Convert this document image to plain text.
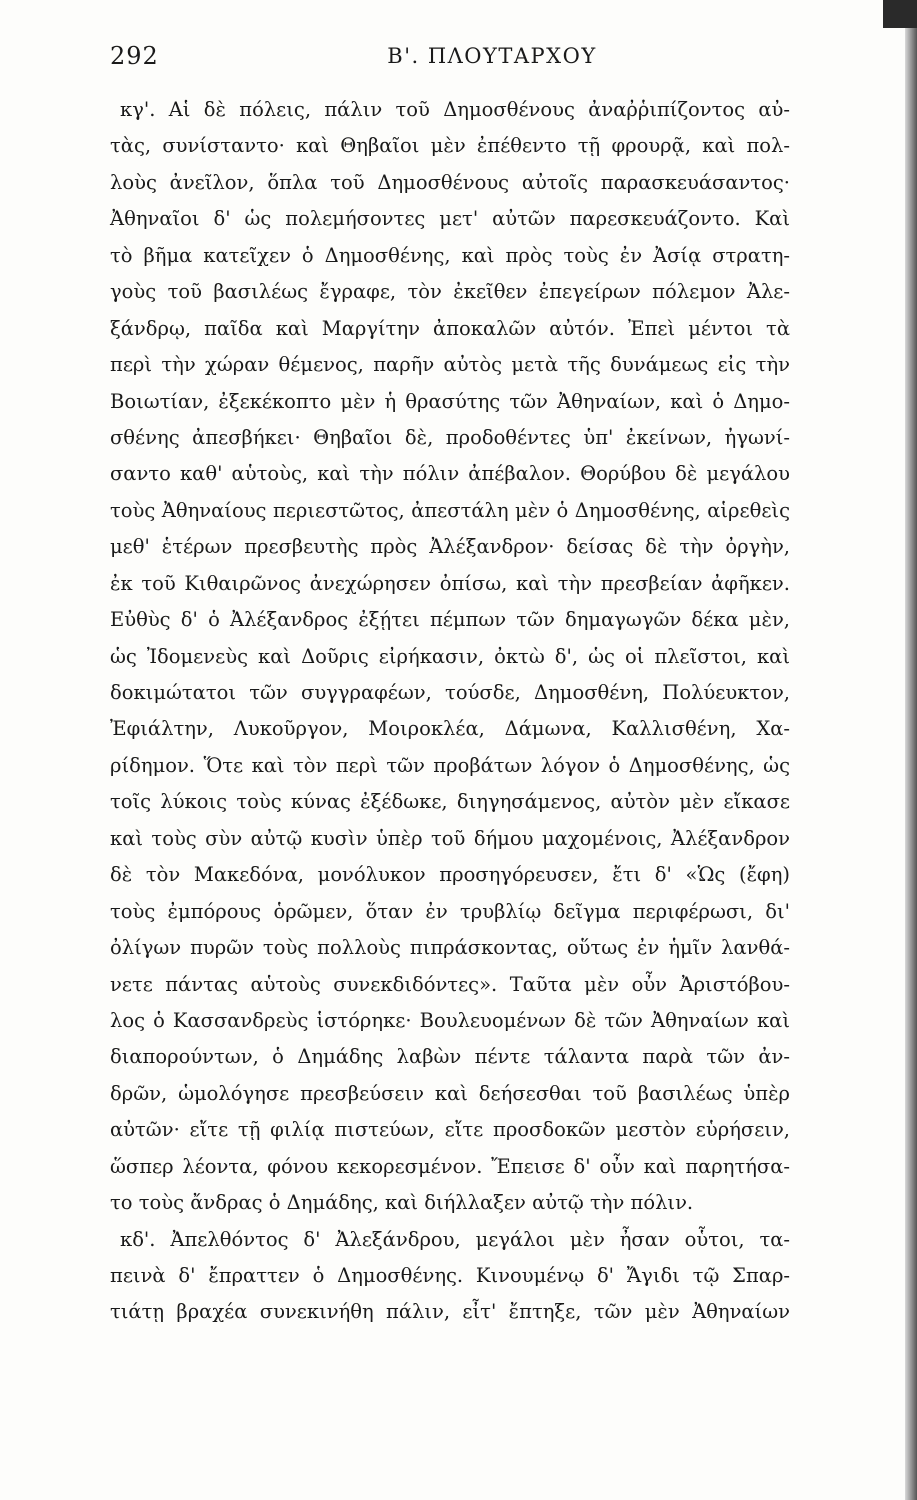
292	Β'. ΠΛΟΥΤΑΡΧΟΥ
κγ'. Αἱ δὲ πόλεις, πάλιν τοῦ Δημοσθένους ἀναῤῥιπίζοντος αὐ-
τὰς, συνίσταντο· καὶ Θηβαῖοι μὲν ἐπέθεντο τῇ φρουρᾷ, καὶ πολ-
λοὺς ἀνεῖλον, ὅπλα τοῦ Δημοσθένους αὐτοῖς παρασκευάσαντος·
Ἀθηναῖοι δ' ὡς πολεμήσοντες μετ' αὐτῶν παρεσκευάζοντο. Καὶ
τὸ βῆμα κατεῖχεν ὁ Δημοσθένης, καὶ πρὸς τοὺς ἐν Ἀσίᾳ στρατη-
γοὺς τοῦ βασιλέως ἔγραφε, τὸν ἐκεῖθεν ἐπεγείρων πόλεμον Ἀλε-
ξάνδρῳ, παῖδα καὶ Μαργίτην ἀποκαλῶν αὐτόν. Ἐπεὶ μέντοι τὰ
περὶ τὴν χώραν θέμενος, παρῆν αὐτὸς μετὰ τῆς δυνάμεως εἰς τὴν
Βοιωτίαν, ἐξεκέκοπτο μὲν ἡ θρασύτης τῶν Ἀθηναίων, καὶ ὁ Δημο-
σθένης ἀπεσβήκει· Θηβαῖοι δὲ, προδοθέντες ὑπ' ἐκείνων, ἠγωνί-
σαντο καθ' αὑτοὺς, καὶ τὴν πόλιν ἀπέβαλον. Θορύβου δὲ μεγάλου
τοὺς Ἀθηναίους περιεστῶτος, ἀπεστάλη μὲν ὁ Δημοσθένης, αἱρεθεὶς
μεθ' ἑτέρων πρεσβευτὴς πρὸς Ἀλέξανδρον· δείσας δὲ τὴν ὀργὴν,
ἐκ τοῦ Κιθαιρῶνος ἀνεχώρησεν ὀπίσω, καὶ τὴν πρεσβείαν ἀφῆκεν.
Εὐθὺς δ' ὁ Ἀλέξανδρος ἐξῄτει πέμπων τῶν δημαγωγῶν δέκα μὲν,
ὡς Ἰδομενεὺς καὶ Δοῦρις εἰρήκασιν, ὀκτὼ δ', ὡς οἱ πλεῖστοι, καὶ
δοκιμώτατοι τῶν συγγραφέων, τούσδε, Δημοσθένη, Πολύευκτον,
Ἐφιάλτην, Λυκοῦργον, Μοιροκλέα, Δάμωνα, Καλλισθένη, Χα-
ρίδημον. Ὅτε καὶ τὸν περὶ τῶν προβάτων λόγον ὁ Δημοσθένης, ὡς
τοῖς λύκοις τοὺς κύνας ἐξέδωκε, διηγησάμενος, αὐτὸν μὲν εἴκασε
καὶ τοὺς σὺν αὐτῷ κυσὶν ὑπὲρ τοῦ δήμου μαχομένοις, Ἀλέξανδρον
δὲ τὸν Μακεδόνα, μονόλυκον προσηγόρευσεν, ἔτι δ' «Ὡς (ἔφη)
τοὺς ἐμπόρους ὁρῶμεν, ὅταν ἐν τρυβλίῳ δεῖγμα περιφέρωσι, δι'
ὀλίγων πυρῶν τοὺς πολλοὺς πιπράσκοντας, οὕτως ἐν ἡμῖν λανθά-
νετε πάντας αὑτοὺς συνεκδιδόντες». Ταῦτα μὲν οὖν Ἀριστόβου-
λος ὁ Κασσανδρεὺς ἱστόρηκε· Βουλευομένων δὲ τῶν Ἀθηναίων καὶ
διαπορούντων, ὁ Δημάδης λαβὼν πέντε τάλαντα παρὰ τῶν ἀν-
δρῶν, ὡμολόγησε πρεσβεύσειν καὶ δεήσεσθαι τοῦ βασιλέως ὑπὲρ
αὐτῶν· εἴτε τῇ φιλίᾳ πιστεύων, εἴτε προσδοκῶν μεστὸν εὑρήσειν,
ὥσπερ λέοντα, φόνου κεκορεσμένον. Ἔπεισε δ' οὖν καὶ παρητήσα-
το τοὺς ἄνδρας ὁ Δημάδης, καὶ διήλλαξεν αὐτῷ τὴν πόλιν.
κδ'. Ἀπελθόντος δ' Ἀλεξάνδρου, μεγάλοι μὲν ἦσαν οὗτοι, τα-
πεινὰ δ' ἔπραττεν ὁ Δημοσθένης. Κινουμένῳ δ' Ἄγιδι τῷ Σπαρ-
τιάτῃ βραχέα συνεκινήθη πάλιν, εἶτ' ἔπτηξε, τῶν μὲν Ἀθηναίων
